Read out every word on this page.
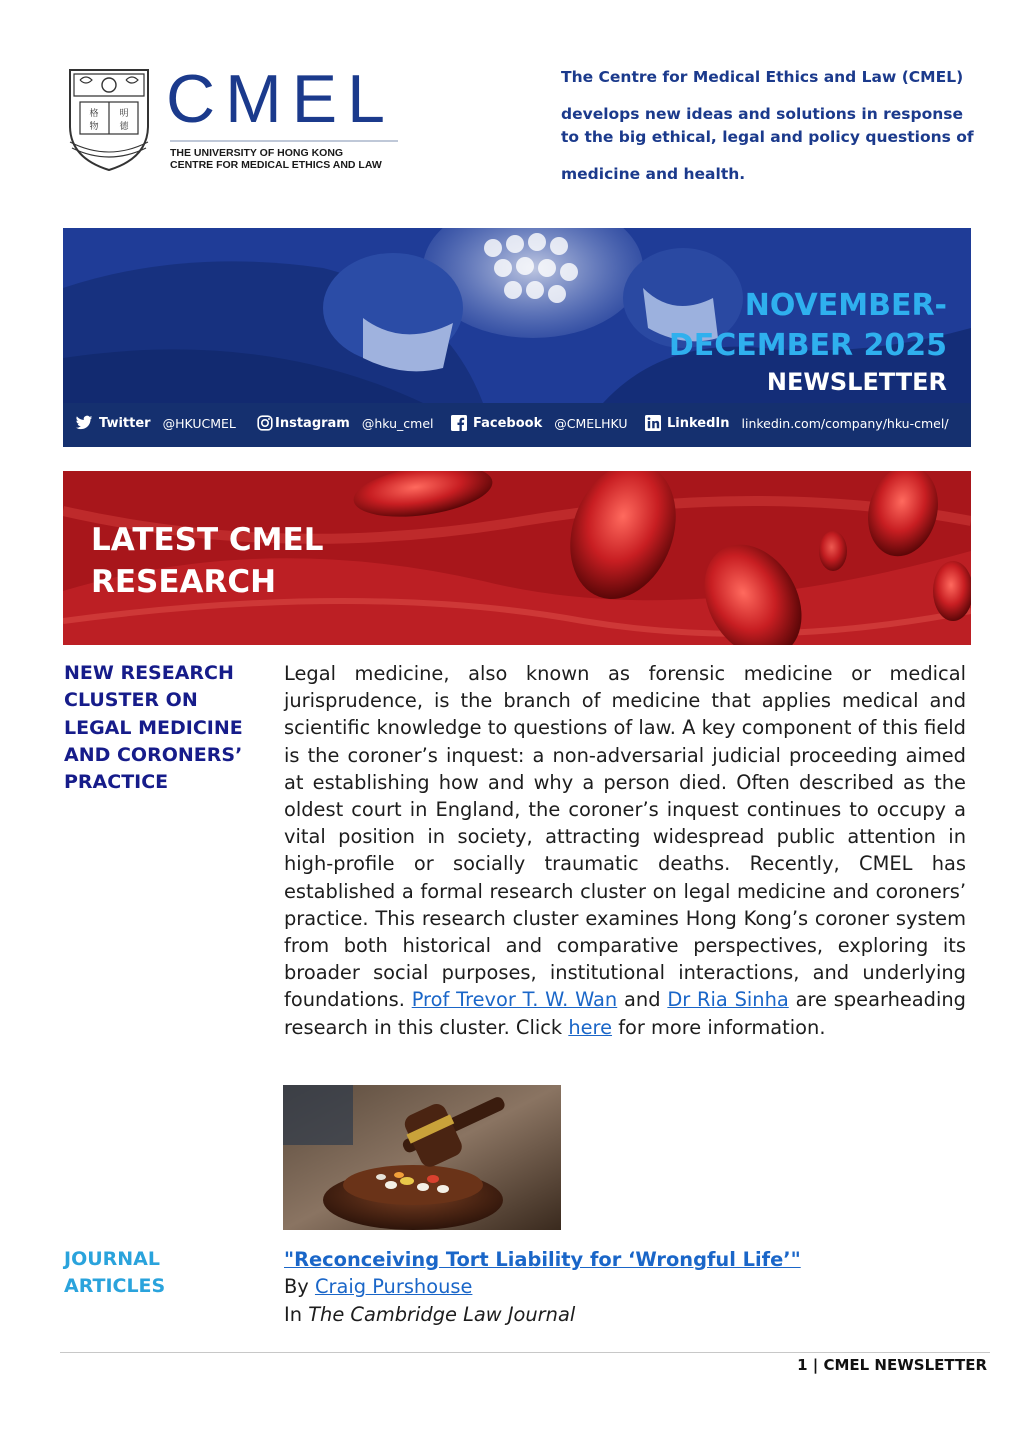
格 明
物 德 CMEL
THE UNIVERSITY OF HONG KONG
CENTRE FOR MEDICAL ETHICS AND LAW
The Centre for Medical Ethics and Law (CMEL)
develops new ideas and solutions in response
to the big ethical, legal and policy questions of
medicine and health.
NOVEMBER-
DECEMBER 2025
NEWSLETTER
Twitter @HKUCMEL	Instagram @hku_cmel	Facebook @CMELHKU	LinkedIn linkedin.com/company/hku-cmel/
LATEST CMEL
RESEARCH
NEW RESEARCH
CLUSTER ON
LEGAL MEDICINE
AND CORONERS’
PRACTICE
Legal medicine, also known as forensic medicine or medical jurisprudence, is the branch of medicine that applies medical and scientific knowledge to questions of law. A key component of this field is the coroner’s inquest: a non-adversarial judicial proceeding aimed at establishing how and why a person died. Often described as the oldest court in England, the coroner’s inquest continues to occupy a vital position in society, attracting widespread public attention in high-profile or socially traumatic deaths. Recently, CMEL has established a formal research cluster on legal medicine and coroners’ practice. This research cluster examines Hong Kong’s coroner system from both historical and comparative perspectives, exploring its broader social purposes, institutional interactions, and underlying foundations. Prof Trevor T. W. Wan and Dr Ria Sinha are spearheading research in this cluster. Click here for more information.
JOURNAL
ARTICLES
"Reconceiving Tort Liability for ‘Wrongful Life’"
By Craig Purshouse
In The Cambridge Law Journal
1 | CMEL NEWSLETTER
